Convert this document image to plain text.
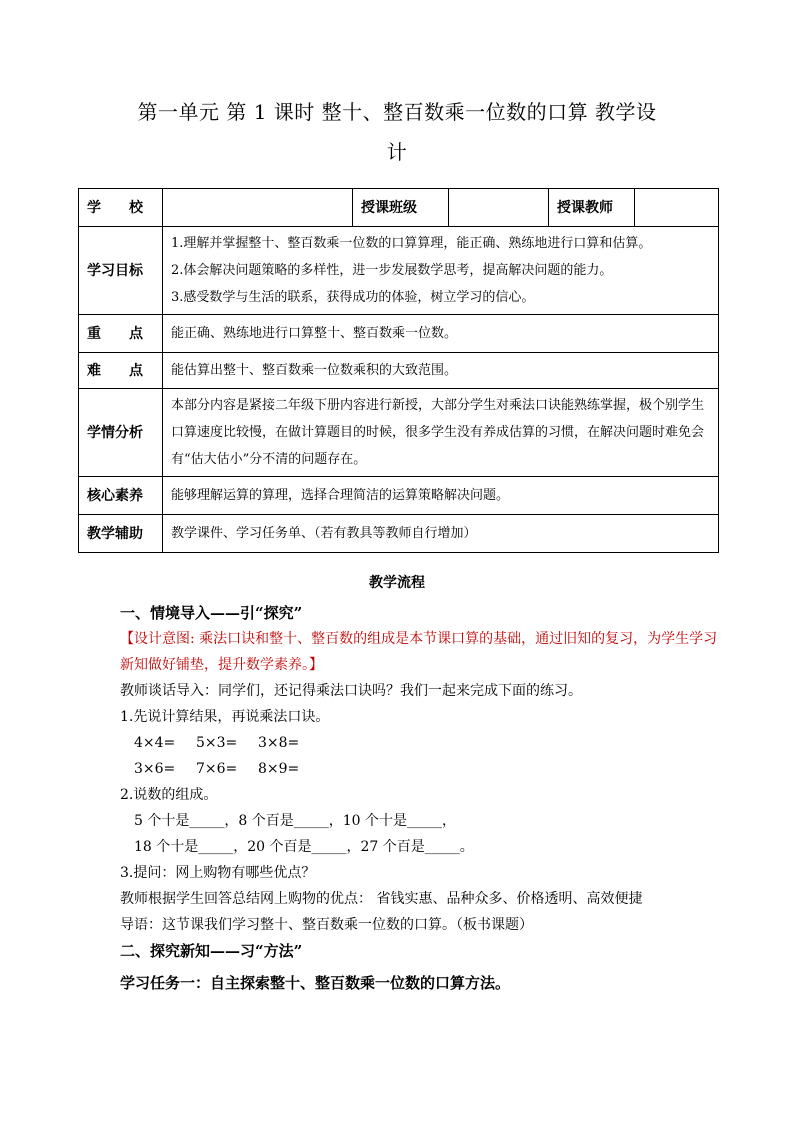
第一单元 第 1 课时 整十、整百数乘一位数的口算 教学设
计
学　　校		授课班级		授课教师	
学习目标	1.理解并掌握整十、整百数乘一位数的口算算理，能正确、熟练地进行口算和估算。

2.体会解决问题策略的多样性，进一步发展数学思考，提高解决问题的能力。

3.感受数学与生活的联系，获得成功的体验，树立学习的信心。				

重　　点	能正确、熟练地进行口算整十、整百数乘一位数。				
难　　点	能估算出整十、整百数乘一位数乘积的大致范围。				
学情分析	本部分内容是紧接二年级下册内容进行新授，大部分学生对乘法口诀能熟练掌握，极个别学生口算速度比较慢，在做计算题目的时候，很多学生没有养成估算的习惯，在解决问题时难免会有“估大估小”分不清的问题存在。				

核心素养	能够理解运算的算理，选择合理简洁的运算策略解决问题。				
教学辅助	教学课件、学习任务单、（若有教具等教师自行增加）				
教学流程

一、情境导入——引“探究”

【设计意图: 乘法口诀和整十、整百数的组成是本节课口算的基础，通过旧知的复习，为学生学习新知做好铺垫，提升数学素养。】

教师谈话导入：同学们，还记得乘法口诀吗？我们一起来完成下面的练习。

1.先说计算结果，再说乘法口诀。

4×4= 5×3= 3×8=

3×6= 7×6= 8×9=

2.说数的组成。

5 个十是_____，8 个百是_____，10 个十是_____，

18 个十是_____，20 个百是_____，27 个百是_____。

3.提问：网上购物有哪些优点？

教师根据学生回答总结网上购物的优点： 省钱实惠、品种众多、价格透明、高效便捷

导语：这节课我们学习整十、整百数乘一位数的口算。（板书课题）

二、探究新知——习“方法”

学习任务一：自主探索整十、整百数乘一位数的口算方法。
